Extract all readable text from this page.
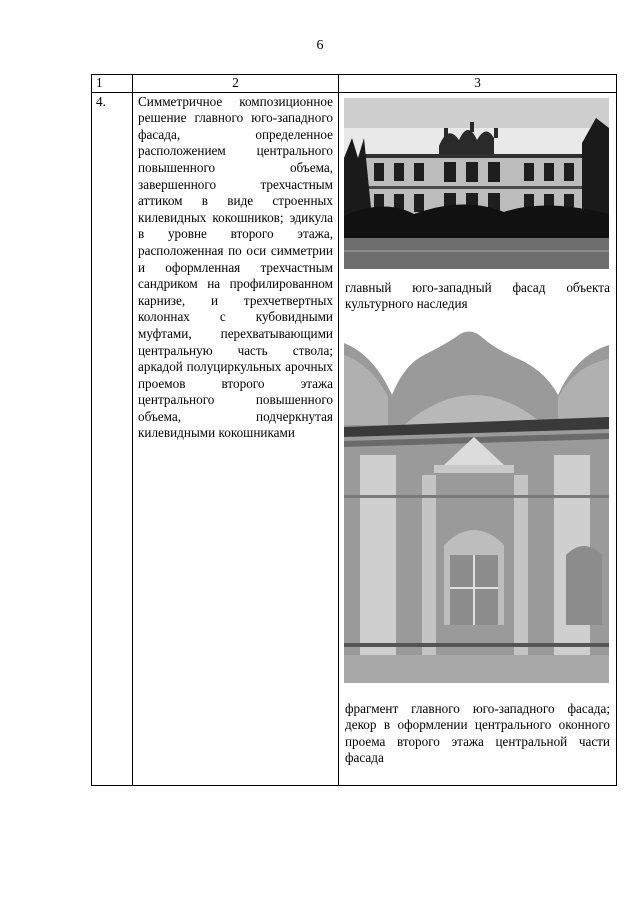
6
1	2	3

4.	Симметричное композиционное решение главного юго-западного фасада, определенное расположением центрального повышенного объема, завершенного трехчастным аттиком в виде строенных килевидных кокошников; эдикула в уровне второго этажа, расположенная по оси симметрии и оформленная трехчастным сандриком на профилированном карнизе, и трехчетвертных колоннах с кубовидными муфтами, перехватывающими центральную часть ствола; аркадой полуциркульных арочных проемов второго этажа центрального повышенного объема, подчеркнутая килевидными кокошниками	главный юго-западный фасад объекта культурного наследия
фрагмент главного юго-западного фасада; декор в оформлении центрального оконного проема второго этажа центральной части фасада
